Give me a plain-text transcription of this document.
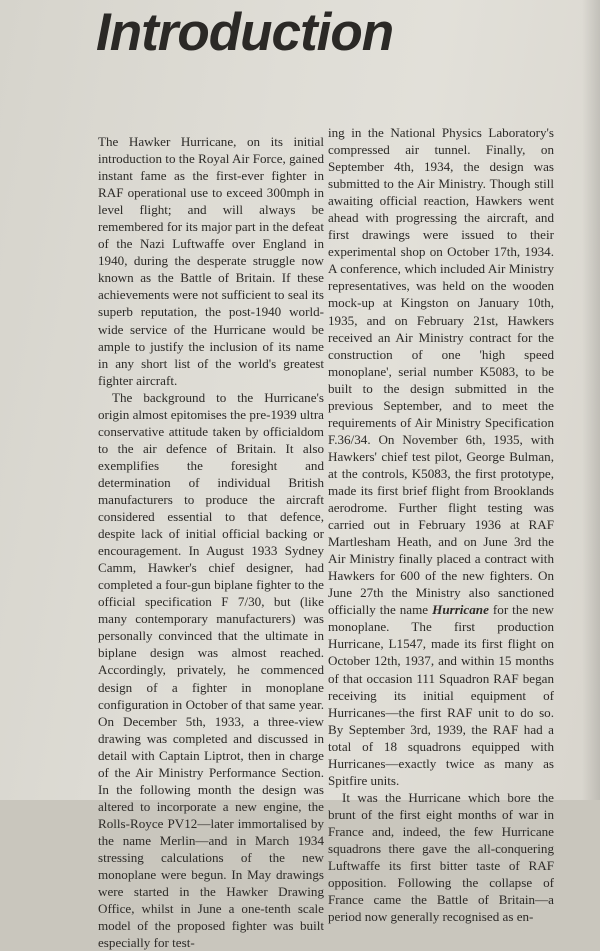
Introduction

The Hawker Hurricane, on its initial introduction to the Royal Air Force, gained instant fame as the first-ever fighter in RAF operational use to exceed 300mph in level flight; and will always be remembered for its major part in the defeat of the Nazi Luftwaffe over England in 1940, during the desperate struggle now known as the Battle of Britain. If these achievements were not sufficient to seal its superb reputation, the post-1940 world-wide service of the Hurricane would be ample to justify the inclusion of its name in any short list of the world's greatest fighter aircraft.

The background to the Hurricane's origin almost epitomises the pre-1939 ultra conservative attitude taken by officialdom to the air defence of Britain. It also exemplifies the foresight and determination of individual British manufacturers to produce the aircraft considered essential to that defence, despite lack of initial official backing or encouragement. In August 1933 Sydney Camm, Hawker's chief designer, had completed a four-gun biplane fighter to the official specification F 7/30, but (like many contemporary manufacturers) was personally convinced that the ultimate in biplane design was almost reached. Accordingly, privately, he commenced design of a fighter in monoplane configuration in October of that same year. On December 5th, 1933, a three-view drawing was completed and discussed in detail with Captain Liptrot, then in charge of the Air Ministry Performance Section. In the following month the design was altered to incorporate a new engine, the Rolls-Royce PV12—later immortalised by the name Merlin—and in March 1934 stressing calculations of the new monoplane were begun. In May drawings were started in the Hawker Drawing Office, whilst in June a one-tenth scale model of the proposed fighter was built especially for test-

ing in the National Physics Laboratory's compressed air tunnel. Finally, on September 4th, 1934, the design was submitted to the Air Ministry. Though still awaiting official reaction, Hawkers went ahead with progressing the aircraft, and first drawings were issued to their experimental shop on October 17th, 1934. A conference, which included Air Ministry representatives, was held on the wooden mock-up at Kingston on January 10th, 1935, and on February 21st, Hawkers received an Air Ministry contract for the construction of one 'high speed monoplane', serial number K5083, to be built to the design submitted in the previous September, and to meet the requirements of Air Ministry Specification F.36/34. On November 6th, 1935, with Hawkers' chief test pilot, George Bulman, at the controls, K5083, the first prototype, made its first brief flight from Brooklands aerodrome. Further flight testing was carried out in February 1936 at RAF Martlesham Heath, and on June 3rd the Air Ministry finally placed a contract with Hawkers for 600 of the new fighters. On June 27th the Ministry also sanctioned officially the name Hurricane for the new monoplane. The first production Hurricane, L1547, made its first flight on October 12th, 1937, and within 15 months of that occasion 111 Squadron RAF began receiving its initial equipment of Hurricanes—the first RAF unit to do so. By September 3rd, 1939, the RAF had a total of 18 squadrons equipped with Hurricanes—exactly twice as many as Spitfire units.

It was the Hurricane which bore the brunt of the first eight months of war in France and, indeed, the few Hurricane squadrons there gave the all-conquering Luftwaffe its first bitter taste of RAF opposition. Following the collapse of France came the Battle of Britain—a period now generally recognised as en-
